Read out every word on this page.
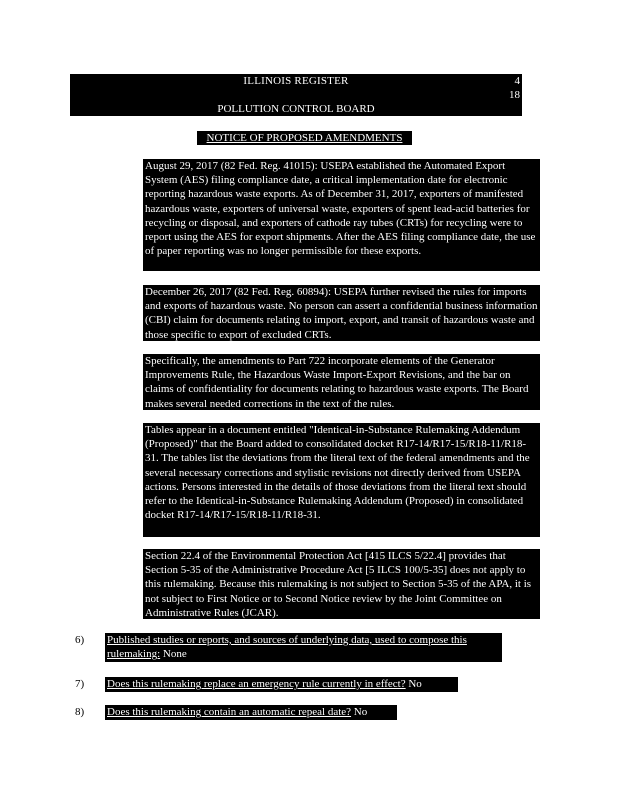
ILLINOIS REGISTER	4
18
POLLUTION CONTROL BOARD
NOTICE OF PROPOSED AMENDMENTS
August 29, 2017 (82 Fed. Reg. 41015): USEPA established the Automated Export System (AES) filing compliance date, a critical implementation date for electronic reporting hazardous waste exports. As of December 31, 2017, exporters of manifested hazardous waste, exporters of universal waste, exporters of spent lead-acid batteries for recycling or disposal, and exporters of cathode ray tubes (CRTs) for recycling were to report using the AES for export shipments. After the AES filing compliance date, the use of paper reporting was no longer permissible for these exports.
December 26, 2017 (82 Fed. Reg. 60894): USEPA further revised the rules for imports and exports of hazardous waste. No person can assert a confidential business information (CBI) claim for documents relating to import, export, and transit of hazardous waste and those specific to export of excluded CRTs.
Specifically, the amendments to Part 722 incorporate elements of the Generator Improvements Rule, the Hazardous Waste Import-Export Revisions, and the bar on claims of confidentiality for documents relating to hazardous waste exports. The Board makes several needed corrections in the text of the rules.
Tables appear in a document entitled "Identical-in-Substance Rulemaking Addendum (Proposed)" that the Board added to consolidated docket R17-14/R17-15/R18-11/R18-31. The tables list the deviations from the literal text of the federal amendments and the several necessary corrections and stylistic revisions not directly derived from USEPA actions. Persons interested in the details of those deviations from the literal text should refer to the Identical-in-Substance Rulemaking Addendum (Proposed) in consolidated docket R17-14/R17-15/R18-11/R18-31.
Section 22.4 of the Environmental Protection Act [415 ILCS 5/22.4] provides that Section 5-35 of the Administrative Procedure Act [5 ILCS 100/5-35] does not apply to this rulemaking. Because this rulemaking is not subject to Section 5-35 of the APA, it is not subject to First Notice or to Second Notice review by the Joint Committee on Administrative Rules (JCAR).
6) Published studies or reports, and sources of underlying data, used to compose this rulemaking: None
7) Does this rulemaking replace an emergency rule currently in effect? No
8) Does this rulemaking contain an automatic repeal date? No
